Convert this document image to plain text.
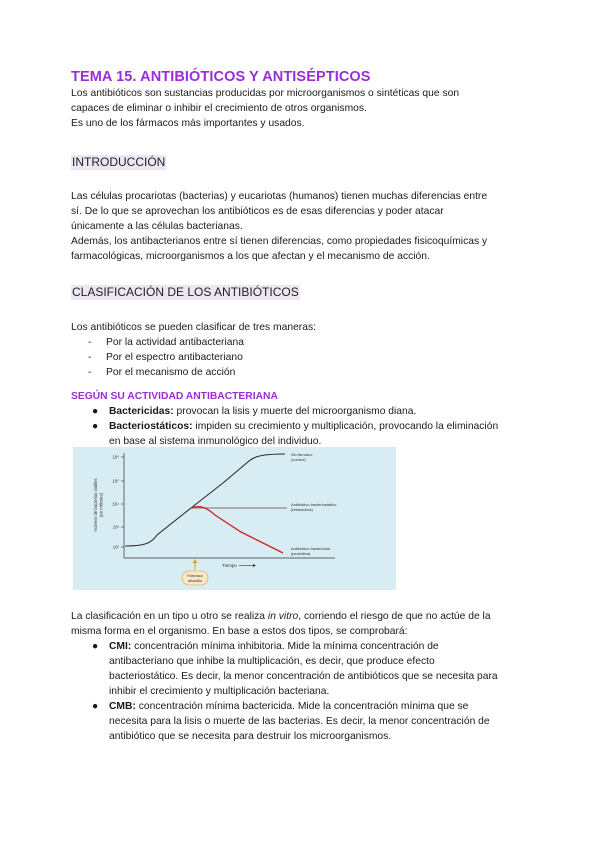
TEMA 15. ANTIBIÓTICOS Y ANTISÉPTICOS

Los antibióticos son sustancias producidas por microorganismos o sintéticas que son

capaces de eliminar o inhibir el crecimiento de otros organismos.

Es uno de los fármacos más importantes y usados.

INTRODUCCIÓN

Las células procariotas (bacterias) y eucariotas (humanos) tienen muchas diferencias entre

sí. De lo que se aprovechan los antibióticos es de esas diferencias y poder atacar

únicamente a las células bacterianas.

Además, los antibacterianos entre sí tienen diferencias, como propiedades fisicoquímicas y

farmacológicas, microorganismos a los que afectan y el mecanismo de acción.

CLASIFICACIÓN DE LOS ANTIBIÓTICOS

Los antibióticos se pueden clasificar de tres maneras:

- Por la actividad antibacteriana
- Por el espectro antibacteriano
- Por el mecanismo de acción
SEGÚN SU ACTIVIDAD ANTIBACTERIANA
● Bactericidas: provocan la lisis y muerte del microorganismo diana.
● Bacteriostáticos: impiden su crecimiento y multiplicación, provocando la eliminación
en base al sistema inmunológico del individuo.

10⁶
10⁵
10⁴
10³
10²
Número de bacterias viables (en millones)
Sin fármaco
(control)
Antibiótico bacteriostático
(tetraciclina)
Antibiótico bactericida
(penicilina)
Tiempo
Fármaco
añadido

La clasificación en un tipo u otro se realiza in vitro, corriendo el riesgo de que no actúe de la

misma forma en el organismo. En base a estos dos tipos, se comprobará:

● CMI: concentración mínima inhibitoria. Mide la mínima concentración de
antibacteriano que inhibe la multiplicación, es decir, que produce efecto
bacteriostático. Es decir, la menor concentración de antibióticos que se necesita para
inhibir el crecimiento y multiplicación bacteriana.
● CMB: concentración mínima bactericida. Mide la concentración mínima que se
necesita para la lisis o muerte de las bacterias. Es decir, la menor concentración de
antibiótico que se necesita para destruir los microorganismos.
